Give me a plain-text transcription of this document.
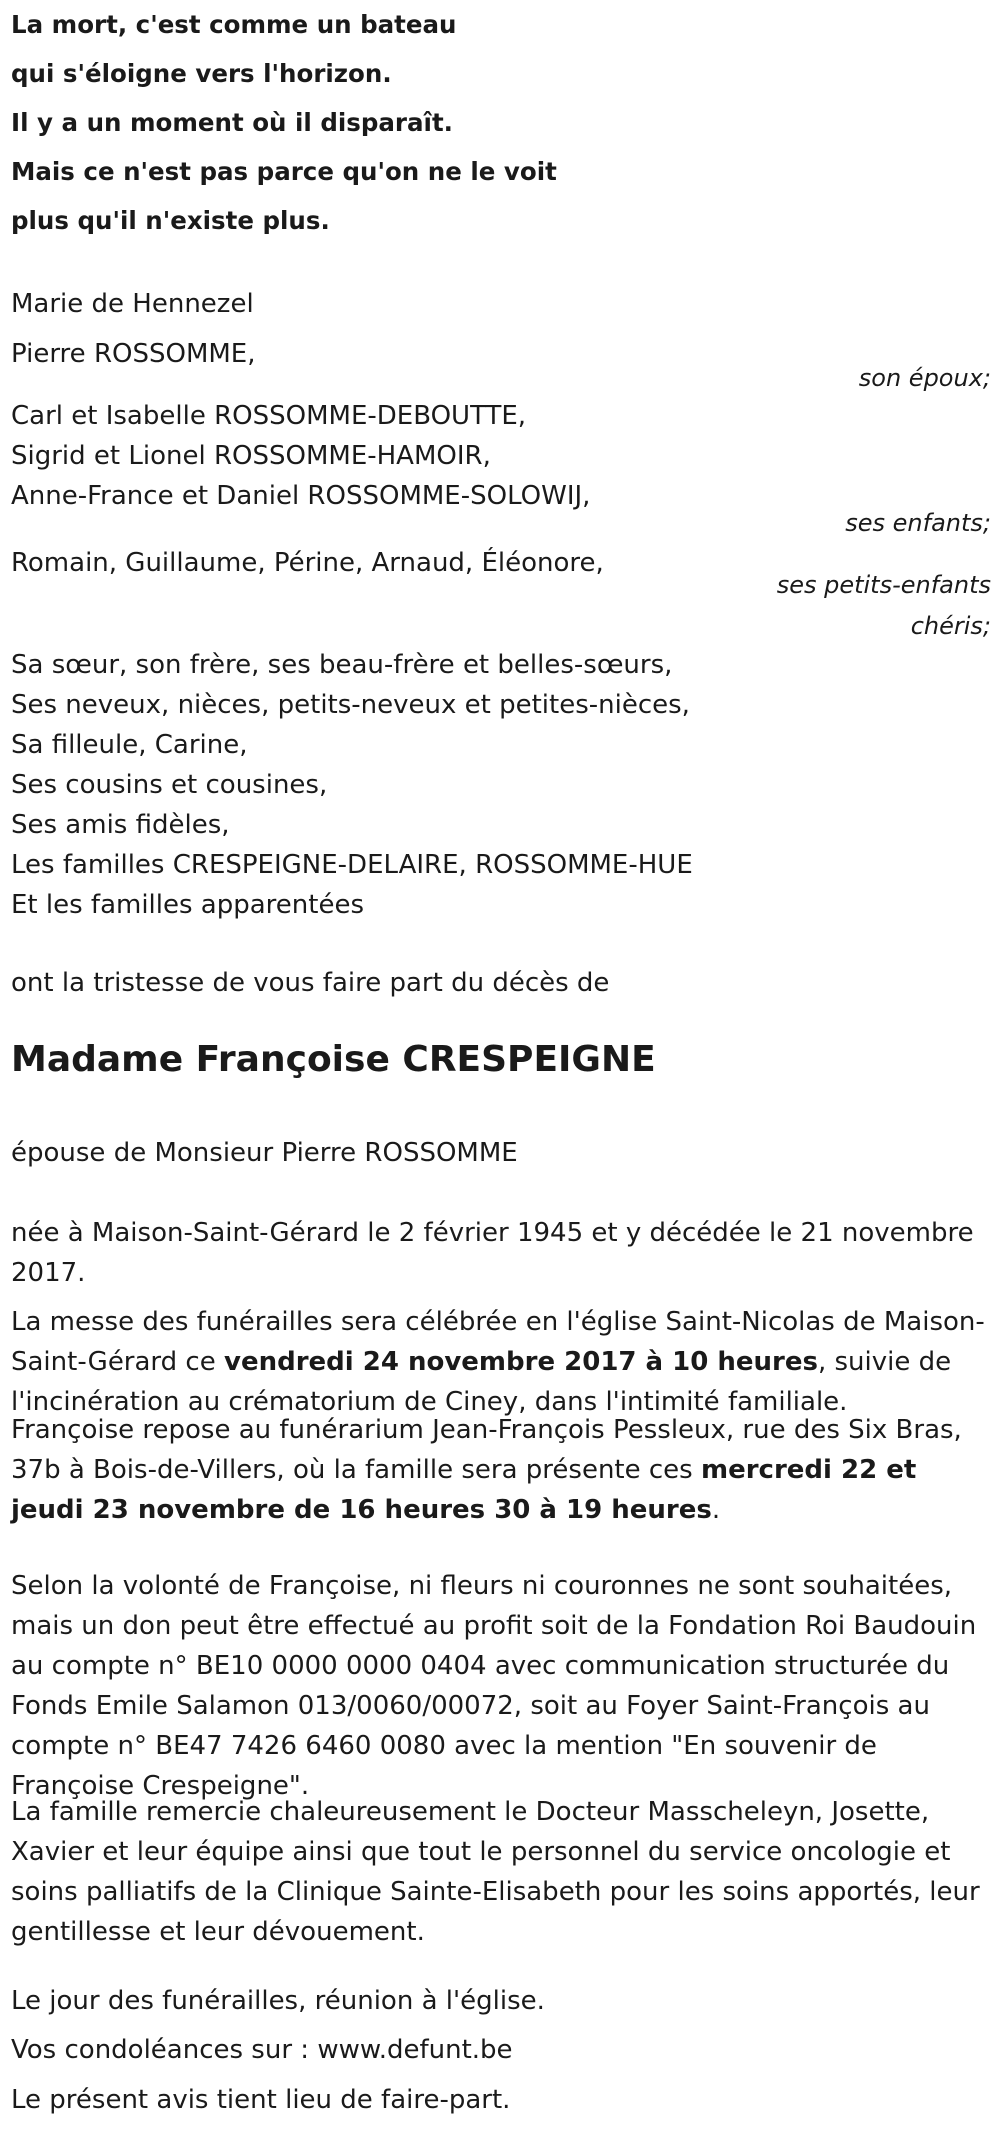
La mort, c'est comme un bateau
qui s'éloigne vers l'horizon.
Il y a un moment où il disparaît.
Mais ce n'est pas parce qu'on ne le voit
plus qu'il n'existe plus.
Marie de Hennezel
Pierre ROSSOMME,
son époux;
Carl et Isabelle ROSSOMME-DEBOUTTE,
Sigrid et Lionel ROSSOMME-HAMOIR,
Anne-France et Daniel ROSSOMME-SOLOWIJ,
ses enfants;
Romain, Guillaume, Périne, Arnaud, Éléonore,
ses petits-enfants
chéris;
Sa sœur, son frère, ses beau-frère et belles-sœurs,
Ses neveux, nièces, petits-neveux et petites-nièces,
Sa filleule, Carine,
Ses cousins et cousines,
Ses amis fidèles,
Les familles CRESPEIGNE-DELAIRE, ROSSOMME-HUE
Et les familles apparentées
ont la tristesse de vous faire part du décès de
Madame Françoise CRESPEIGNE
épouse de Monsieur Pierre ROSSOMME
née à Maison-Saint-Gérard le 2 février 1945 et y décédée le 21 novembre 2017.
La messe des funérailles sera célébrée en l'église Saint-Nicolas de Maison-Saint-Gérard ce vendredi 24 novembre 2017 à 10 heures, suivie de l'incinération au crématorium de Ciney, dans l'intimité familiale.
Françoise repose au funérarium Jean-François Pessleux, rue des Six Bras, 37b à Bois-de-Villers, où la famille sera présente ces mercredi 22 et jeudi 23 novembre de 16 heures 30 à 19 heures.
Selon la volonté de Françoise, ni fleurs ni couronnes ne sont souhaitées, mais un don peut être effectué au profit soit de la Fondation Roi Baudouin au compte n° BE10 0000 0000 0404 avec communication structurée du Fonds Emile Salamon 013/0060/00072, soit au Foyer Saint-François au compte n° BE47 7426 6460 0080 avec la mention "En souvenir de Françoise Crespeigne".
La famille remercie chaleureusement le Docteur Masscheleyn, Josette, Xavier et leur équipe ainsi que tout le personnel du service oncologie et soins palliatifs de la Clinique Sainte-Elisabeth pour les soins apportés, leur gentillesse et leur dévouement.
Le jour des funérailles, réunion à l'église.
Vos condoléances sur : www.defunt.be
Le présent avis tient lieu de faire-part.
